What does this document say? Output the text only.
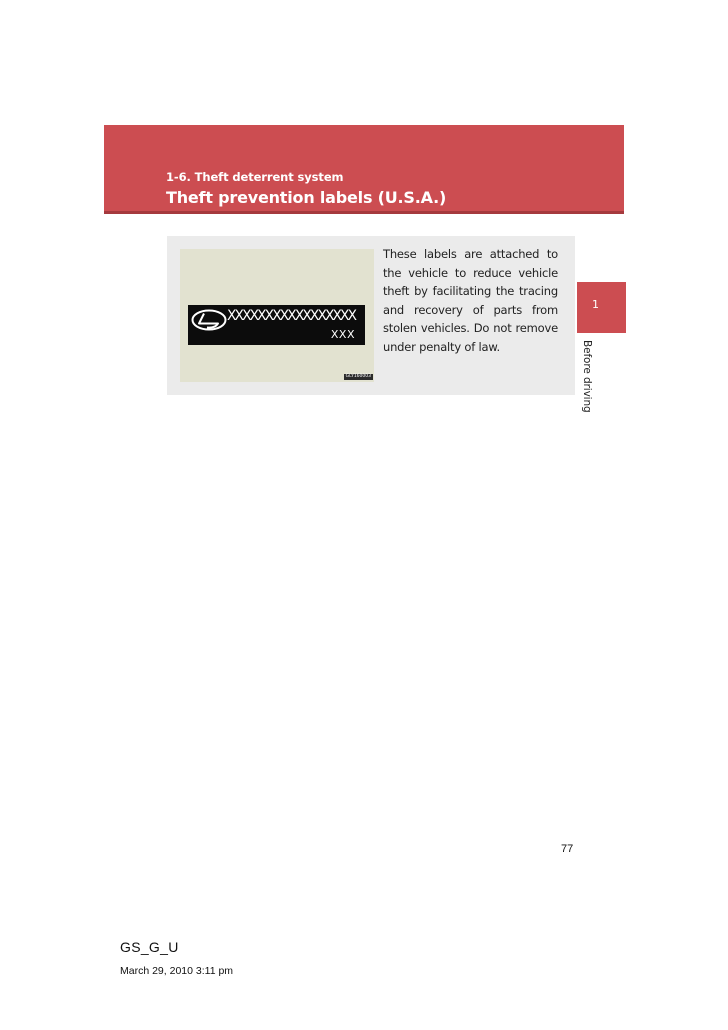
1-6. Theft deterrent system
Theft prevention labels (U.S.A.)
XXXXXXXXXXXXXXXXX
XXX
GLY160003

These labels are attached to the vehicle to reduce vehicle theft by facilitating the tracing and recovery of parts from stolen vehicles. Do not remove under penalty of law.

1
Before driving
77
GS_G_U
March 29, 2010 3:11 pm
